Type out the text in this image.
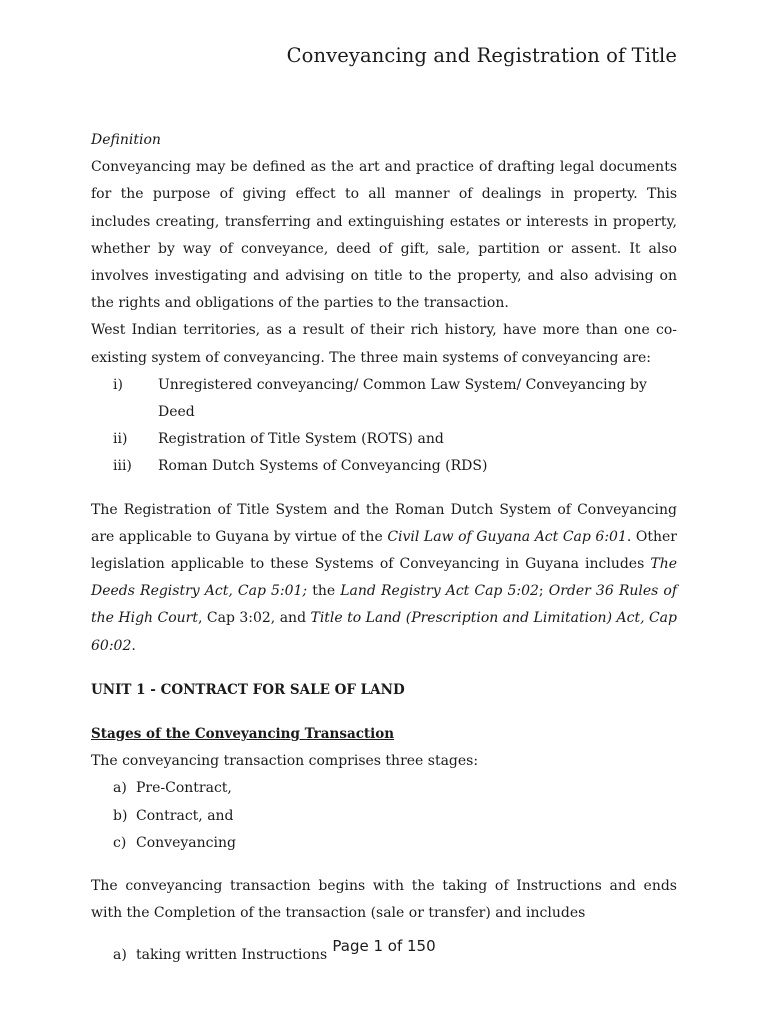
Conveyancing and Registration of Title

Definition

Conveyancing may be defined as the art and practice of drafting legal documents for the purpose of giving effect to all manner of dealings in property. This includes creating, transferring and extinguishing estates or interests in property, whether by way of conveyance, deed of gift, sale, partition or assent. It also involves investigating and advising on title to the property, and also advising on the rights and obligations of the parties to the transaction.

West Indian territories, as a result of their rich history, have more than one co-existing system of conveyancing. The three main systems of conveyancing are:

i)	Unregistered conveyancing/ Common Law System/ Conveyancing by Deed
ii) Registration of Title System (ROTS) and
iii) Roman Dutch Systems of Conveyancing (RDS)

The Registration of Title System and the Roman Dutch System of Conveyancing are applicable to Guyana by virtue of the Civil Law of Guyana Act Cap 6:01. Other legislation applicable to these Systems of Conveyancing in Guyana includes The Deeds Registry Act, Cap 5:01; the Land Registry Act Cap 5:02; Order 36 Rules of the High Court, Cap 3:02, and Title to Land (Prescription and Limitation) Act, Cap 60:02.

UNIT 1 - CONTRACT FOR SALE OF LAND

Stages of the Conveyancing Transaction

The conveyancing transaction comprises three stages:

a) Pre-Contract,
b) Contract, and
c) Conveyancing

The conveyancing transaction begins with the taking of Instructions and ends with the Completion of the transaction (sale or transfer) and includes

a) taking written Instructions
Page 1 of 150
